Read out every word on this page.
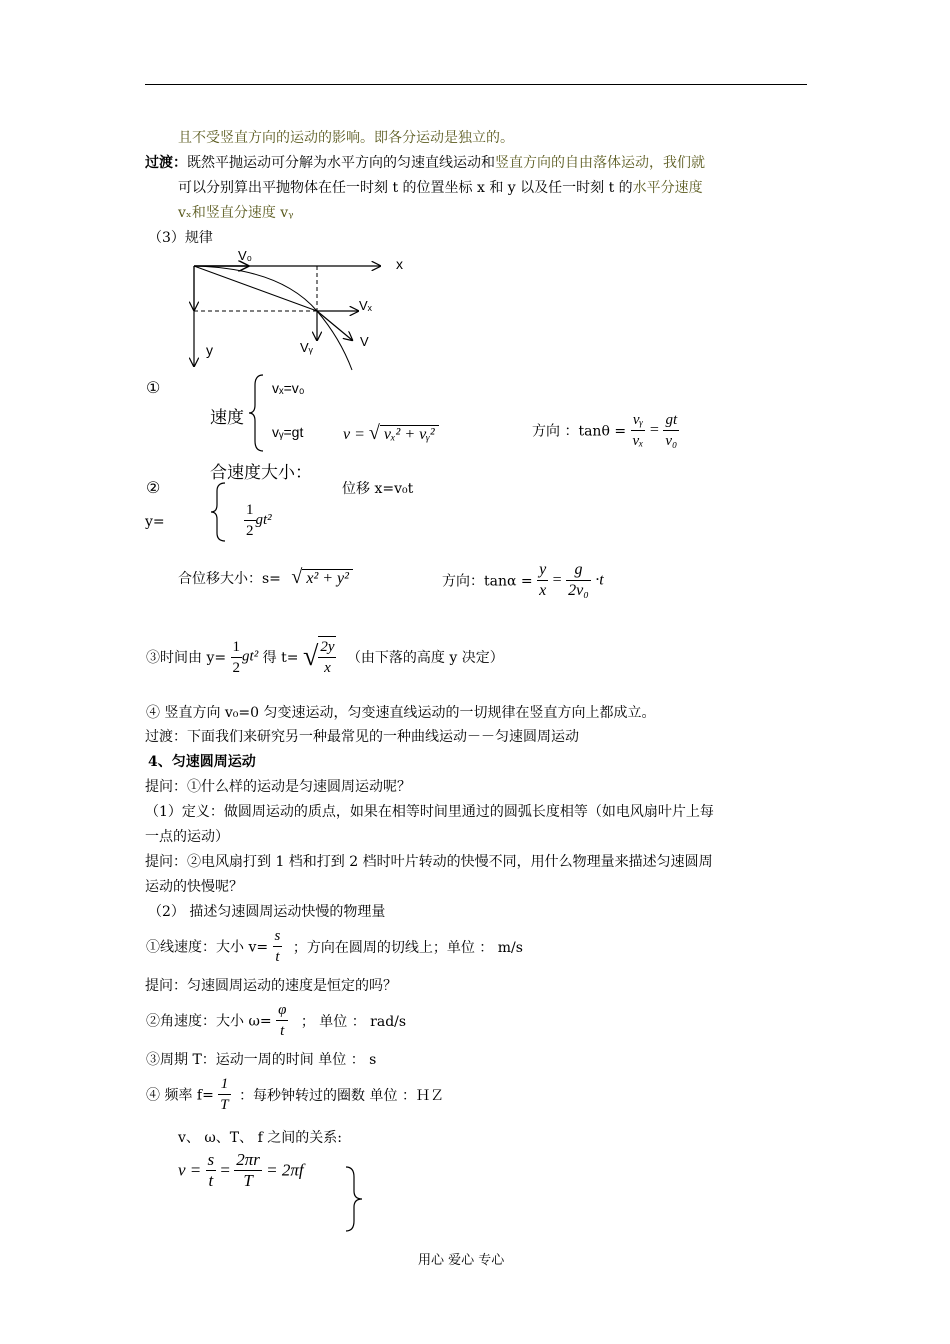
且不受竖直方向的运动的影响。即各分运动是独立的。
过渡：既然平抛运动可分解为水平方向的匀速直线运动和竖直方向的自由落体运动，我们就
可以分别算出平抛物体在任一时刻 t 的位置坐标 x 和 y 以及任一时刻 t 的水平分速度
vₓ和竖直分速度 vᵧ
（3）规律
x
y
V₀
Vₓ
Vᵧ	V
①
速度
vₓ=v₀
vᵧ=gt v = √ vₓ² + vᵧ²	方向 ：$\tan\theta = \frac{\text{vᵧ}}{\text{vₓ}} = \frac{gt}{\text{v₀}}$
合速度大小：
②	位移 x=v₀t
y=	$\frac{1}{2} gt^2$
合位移大小：s= √ x² + y²	方向：$\tan\alpha = \frac{y}{x} = \frac{g}{\text{2v₀}} \cdot t$
③时间由 $y= \frac{1}{2} gt^2$ 得 t= √ $\frac{2y}{x}$ （由下落的高度 y 决定）
④ 竖直方向 v₀=0 匀变速运动，匀变速直线运动的一切规律在竖直方向上都成立。
过渡：下面我们来研究另一种最常见的一种曲线运动－－匀速圆周运动
4、匀速圆周运动
提问：①什么样的运动是匀速圆周运动呢？
（1）定义：做圆周运动的质点，如果在相等时间里通过的圆弧长度相等（如电风扇叶片上每
一点的运动）
提问：②电风扇打到 1 档和打到 2 档时叶片转动的快慢不同，用什么物理量来描述匀速圆周
运动的快慢呢？
（2） 描述匀速圆周运动快慢的物理量
①线速度：大小 $v= \frac{s}{t}$ ；方向在圆周的切线上；单位 ： m/s
提问：匀速圆周运动的速度是恒定的吗？
②角速度：大小 $\omega= \frac{\varphi}{t}$ ； 单位 ： rad/s
③周期 T：运动一周的时间 单位 ： s
④ 频率 $f= \frac{1}{T}$ ：每秒钟转过的圈数 单位 ：ＨＺ
v、 ω、T、 f 之间的关系:
$v = \frac{s}{t} = \frac{2\pi r}{T} = 2\pi f$
用心 爱心 专心
